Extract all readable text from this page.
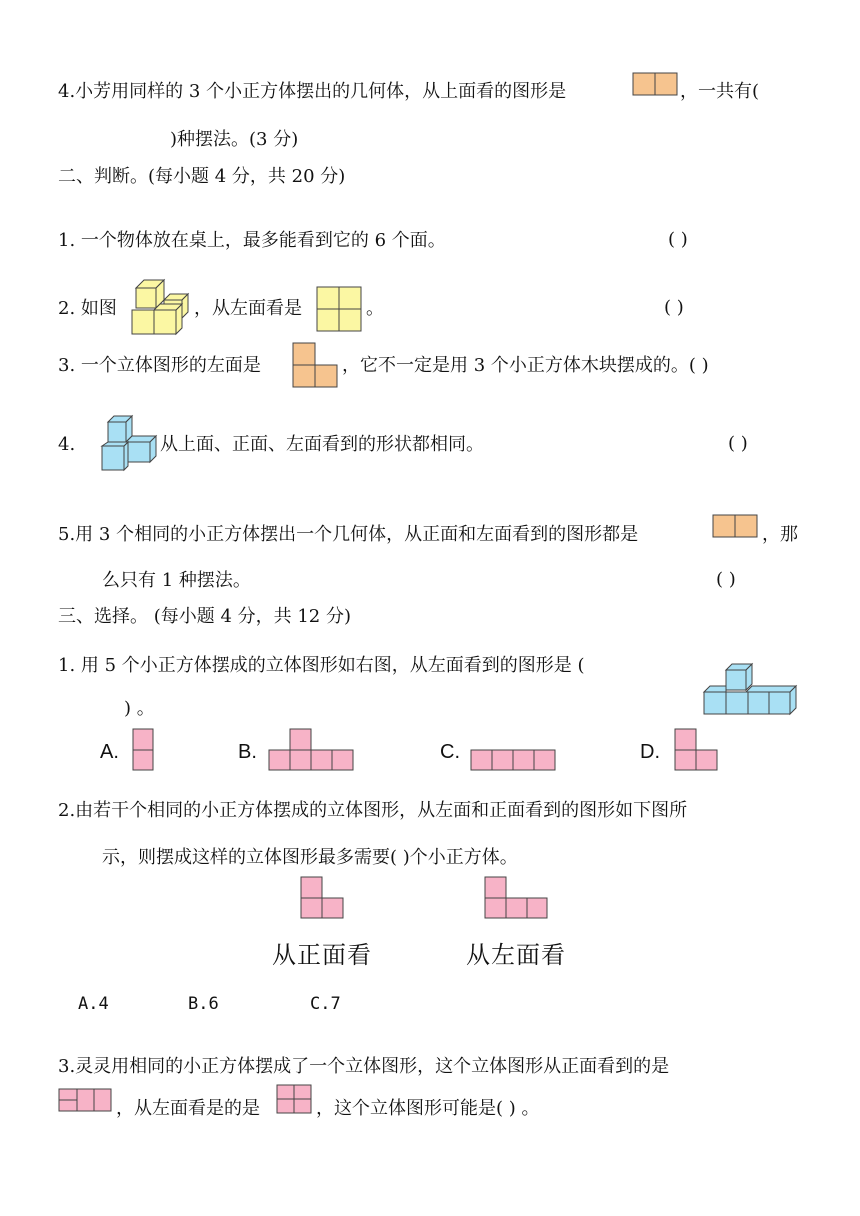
4.小芳用同样的 3 个小正方体摆出的几何体，从上面看的图形是	，一共有(
)种摆法。(3 分)
二、判断。(每小题 4 分，共 20 分)
1. 一个物体放在桌上，最多能看到它的 6 个面。	( )
2. 如图	，从左面看是	。	( )
3. 一个立体图形的左面是	，它不一定是用 3 个小正方体木块摆成的。( )
4.	从上面、正面、左面看到的形状都相同。	( )
5.用 3 个相同的小正方体摆出一个几何体，从正面和左面看到的图形都是	，那
么只有 1 种摆法。	( )
三、选择。 (每小题 4 分，共 12 分)
1. 用 5 个小正方体摆成的立体图形如右图，从左面看到的图形是 (
) 。
A.	B.	C.	D.
2.由若干个相同的小正方体摆成的立体图形，从左面和正面看到的图形如下图所
示，则摆成这样的立体图形最多需要( )个小正方体。
从正面看	从左面看
A.4	B.6	C.7
3.灵灵用相同的小正方体摆成了一个立体图形，这个立体图形从正面看到的是
，从左面看是的是	，这个立体图形可能是( ) 。
